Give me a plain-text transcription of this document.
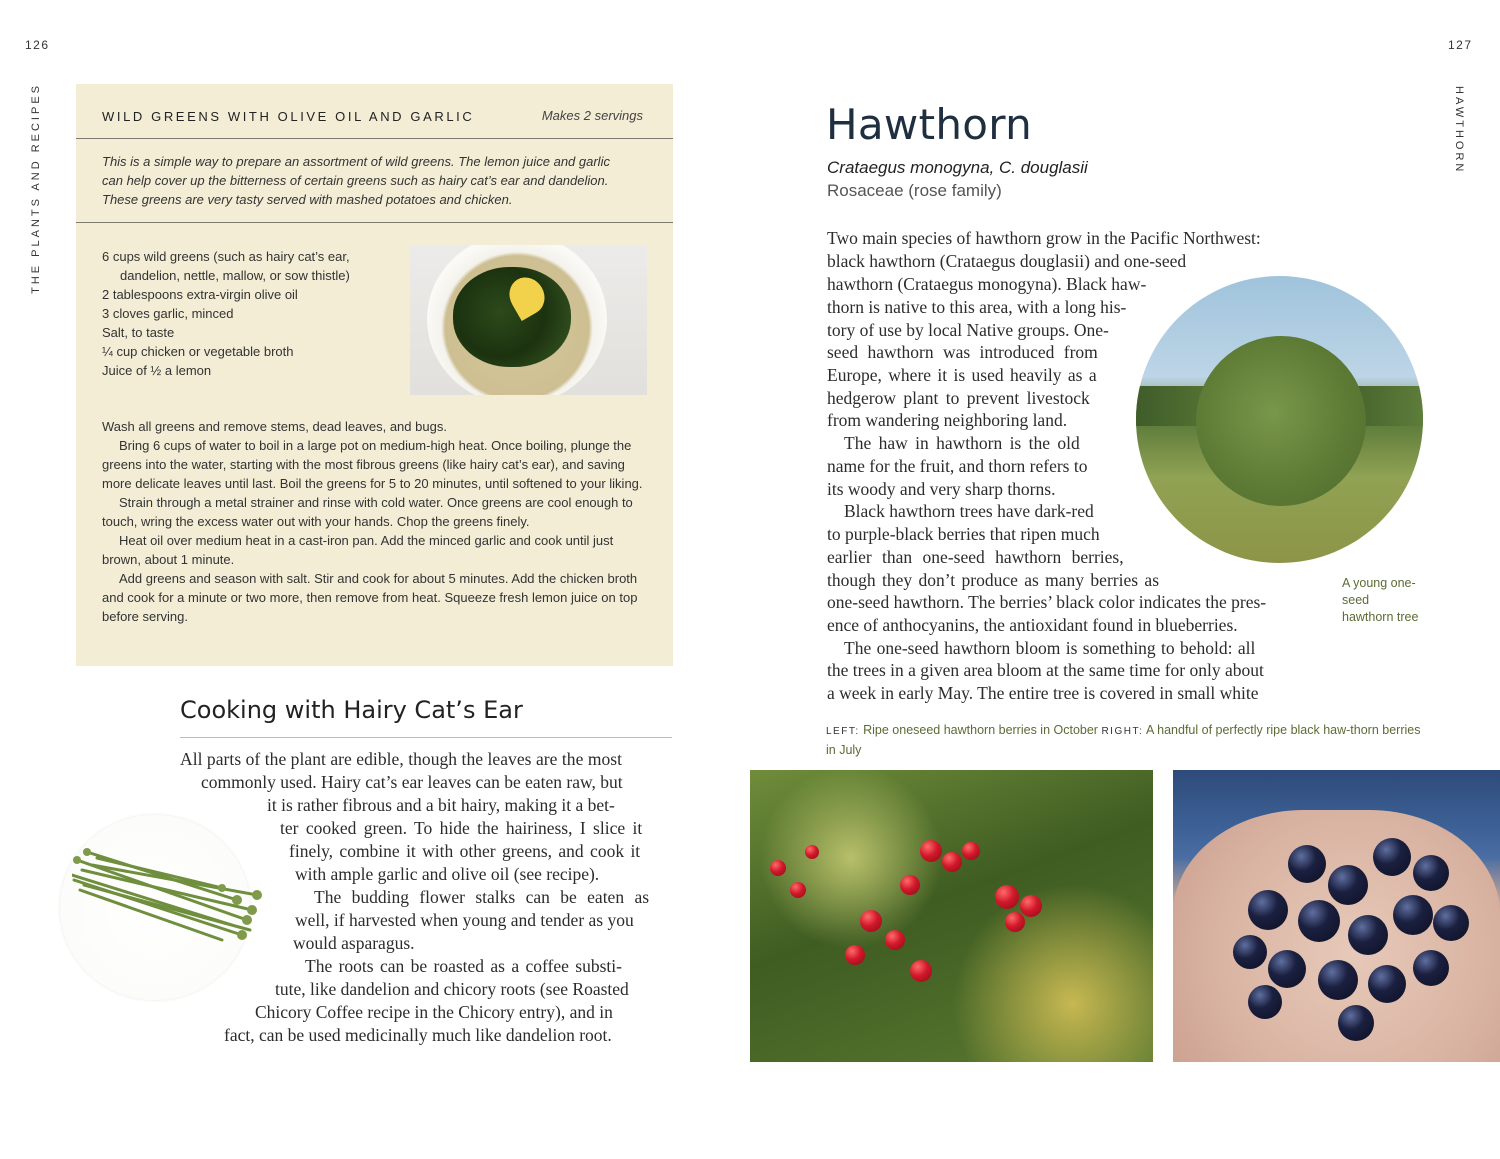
126
THE PLANTS AND RECIPES	WILD GREENS WITH OLIVE OIL AND GARLIC	Makes 2 servings
This is a simple way to prepare an assortment of wild greens. The lemon juice and garlic
can help cover up the bitterness of certain greens such as hairy cat’s ear and dandelion.
These greens are very tasty served with mashed potatoes and chicken.
6 cups wild greens (such as hairy cat’s ear, dandelion, nettle, mallow, or sow thistle)
2 tablespoons extra-virgin olive oil
3 cloves garlic, minced
Salt, to taste
¼ cup chicken or vegetable broth
Juice of ½ a lemon

Wash all greens and remove stems, dead leaves, and bugs.

Bring 6 cups of water to boil in a large pot on medium-high heat. Once boiling, plunge the greens into the water, starting with the most fibrous greens (like hairy cat’s ear), and saving more delicate leaves until last. Boil the greens for 5 to 20 minutes, until softened to your liking.

Strain through a metal strainer and rinse with cold water. Once greens are cool enough to touch, wring the excess water out with your hands. Chop the greens finely.

Heat oil over medium heat in a cast-iron pan. Add the minced garlic and cook until just brown, about 1 minute.

Add greens and season with salt. Stir and cook for about 5 minutes. Add the chicken broth and cook for a minute or two more, then remove from heat. Squeeze fresh lemon juice on top before serving.

Cooking with Hairy Cat’s Ear
All parts of the plant are edible, though the leaves are the most
commonly used. Hairy cat’s ear leaves can be eaten raw, but
it is rather fibrous and a bit hairy, making it a bet-
ter cooked green. To hide the hairiness, I slice it
finely, combine it with other greens, and cook it
with ample garlic and olive oil (see recipe).
The budding flower stalks can be eaten as
well, if harvested when young and tender as you
would asparagus.
The roots can be roasted as a coffee substi-
tute, like dandelion and chicory roots (see Roasted
Chicory Coffee recipe in the Chicory entry), and in
fact, can be used medicinally much like dandelion root.
127
HAWTHORN
Hawthorn
Crataegus monogyna, C. douglasii
Rosaceae (rose family)
A young one-seed hawthorn tree
Two main species of hawthorn grow in the Pacific Northwest:
black hawthorn (Crataegus douglasii) and one-seed
hawthorn (Crataegus monogyna). Black haw-
thorn is native to this area, with a long his-
tory of use by local Native groups. One-
seed hawthorn was introduced from
Europe, where it is used heavily as a
hedgerow plant to prevent livestock
from wandering neighboring land.
The haw in hawthorn is the old
name for the fruit, and thorn refers to
its woody and very sharp thorns.
Black hawthorn trees have dark-red
to purple-black berries that ripen much
earlier than one-seed hawthorn berries,
though they don’t produce as many berries as
one-seed hawthorn. The berries’ black color indicates the pres-
ence of anthocyanins, the antioxidant found in blueberries.
The one-seed hawthorn bloom is something to behold: all
the trees in a given area bloom at the same time for only about
a week in early May. The entire tree is covered in small white
LEFT: Ripe oneseed hawthorn berries in October RIGHT: A handful of perfectly ripe black haw-thorn berries in July
